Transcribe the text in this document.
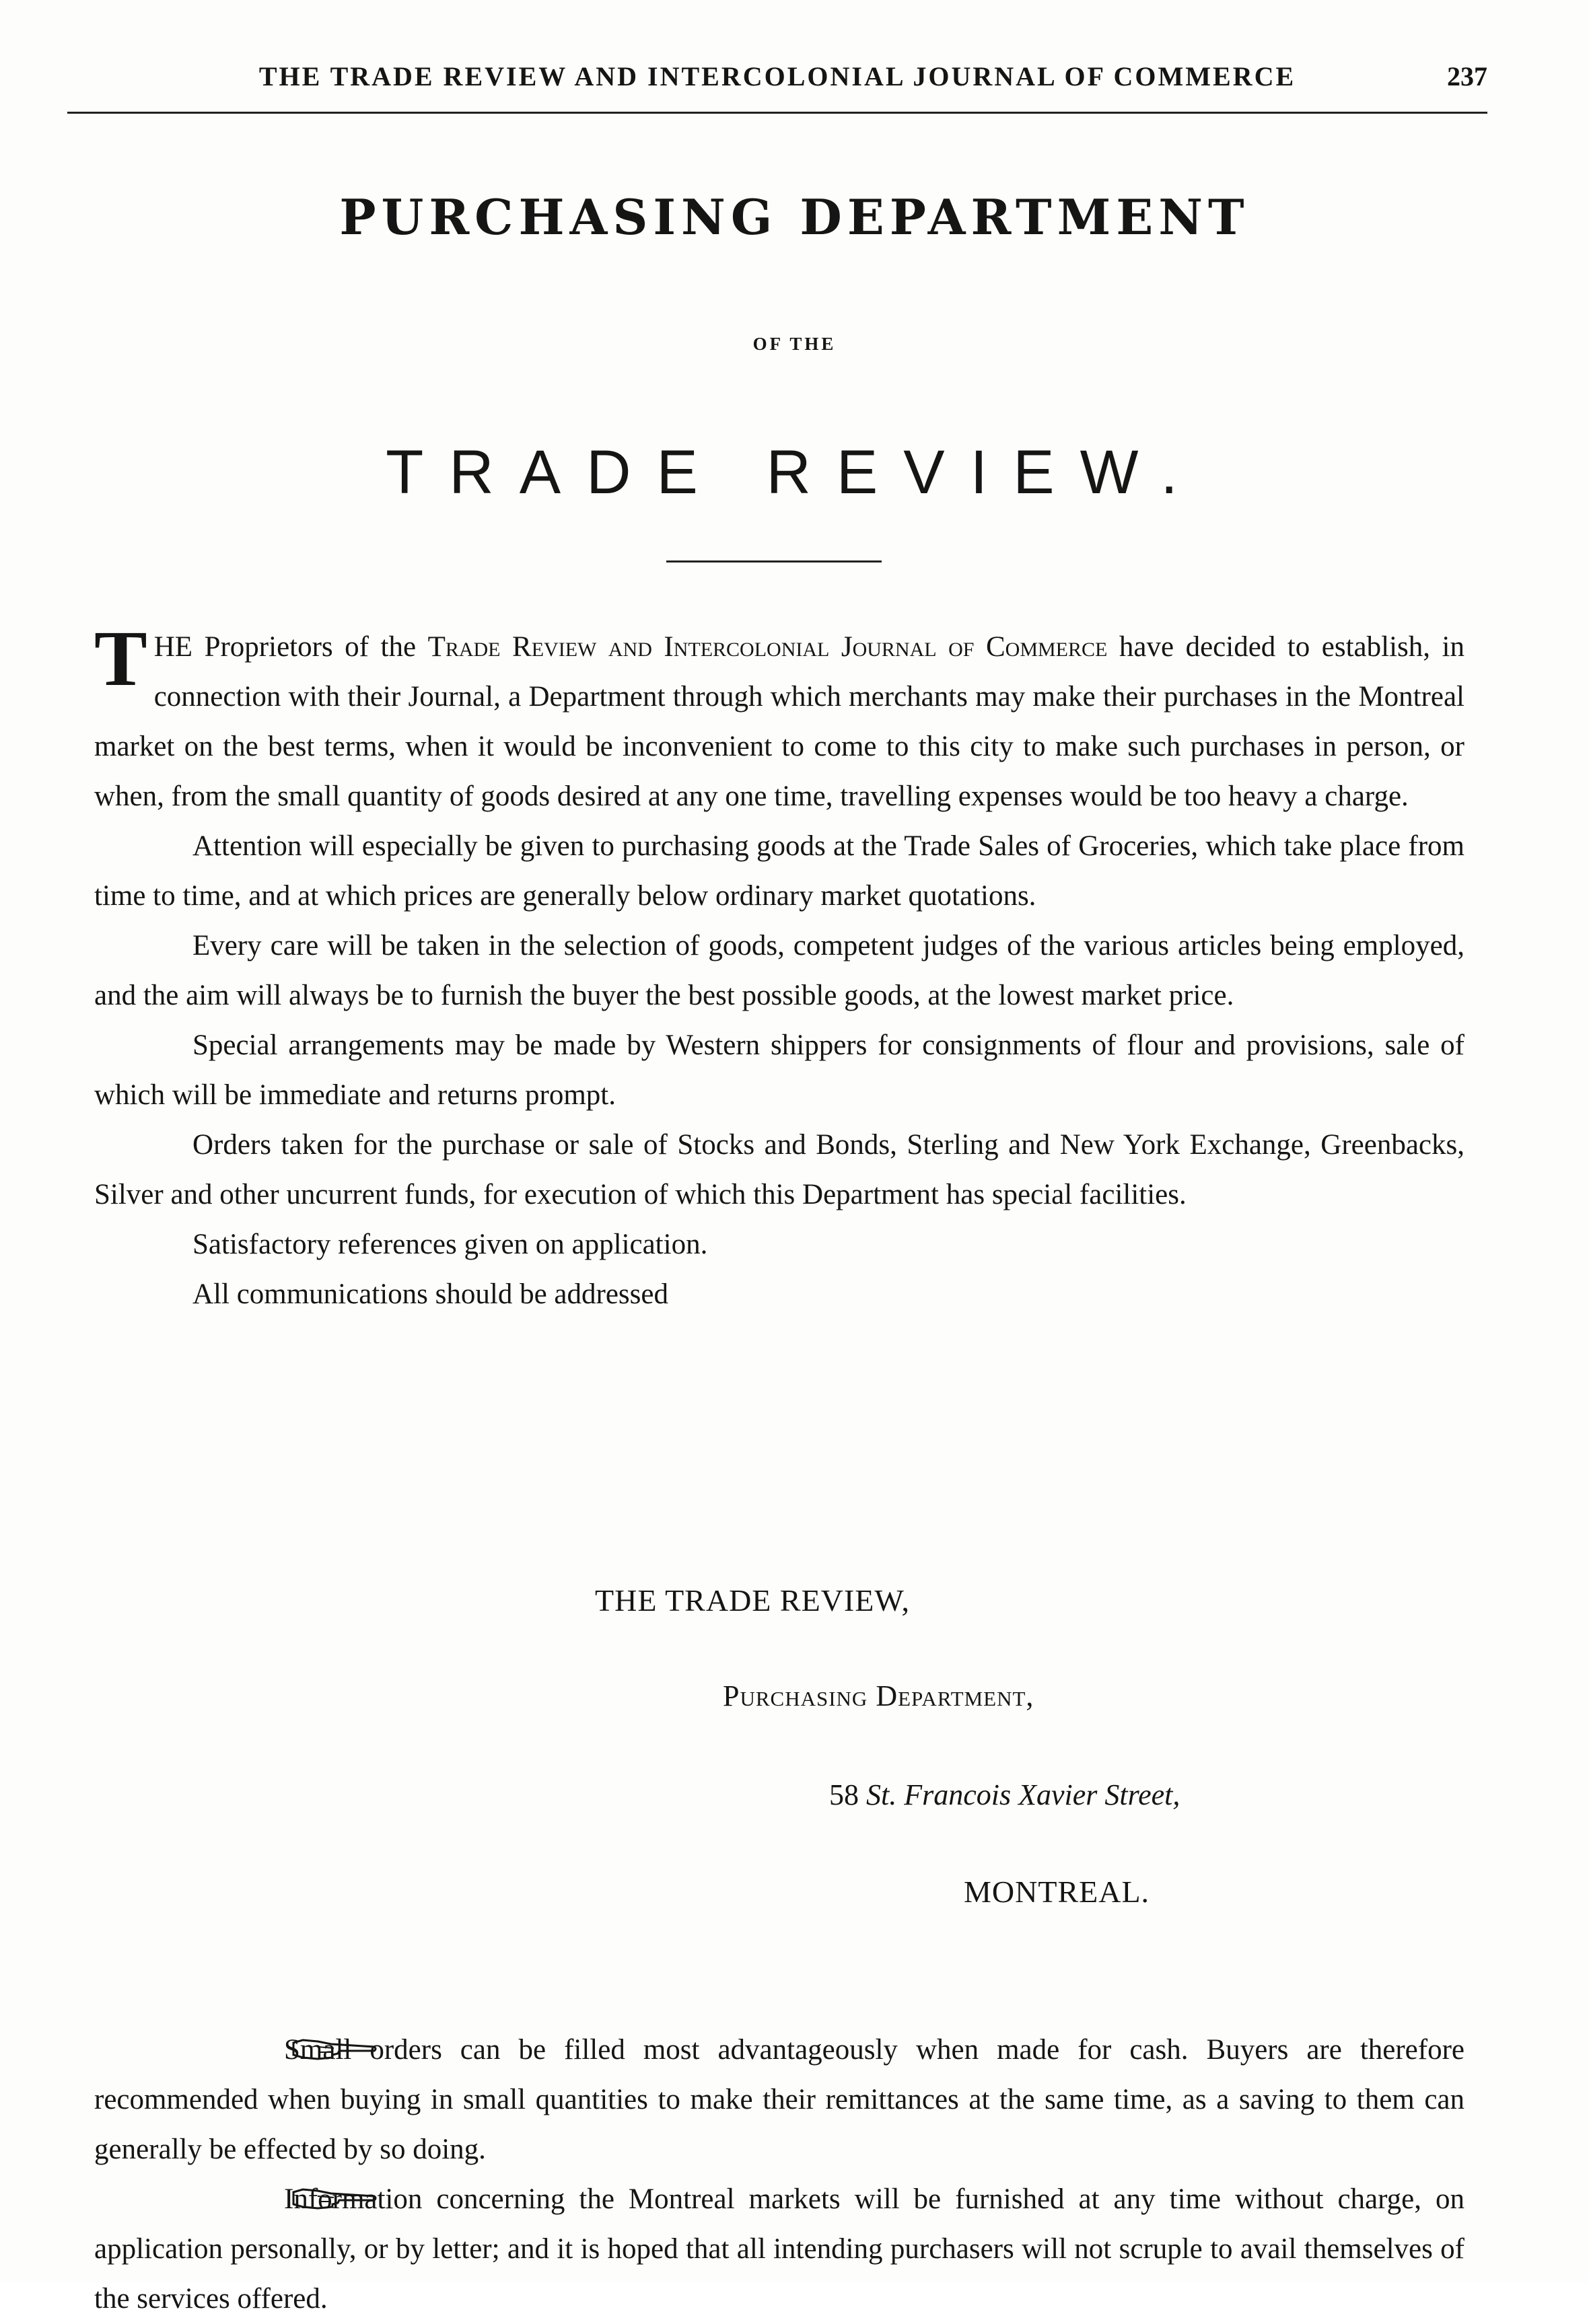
THE TRADE REVIEW AND INTERCOLONIAL JOURNAL OF COMMERCE	237
PURCHASING DEPARTMENT
OF THE
TRADE REVIEW.

THE Proprietors of the Trade Review and Intercolonial Journal of Commerce have decided to establish, in connection with their Journal, a Department through which merchants may make their purchases in the Montreal market on the best terms, when it would be inconvenient to come to this city to make such purchases in person, or when, from the small quantity of goods desired at any one time, travelling expenses would be too heavy a charge.

Attention will especially be given to purchasing goods at the Trade Sales of Groceries, which take place from time to time, and at which prices are generally below ordinary market quotations.

Every care will be taken in the selection of goods, competent judges of the various articles being employed, and the aim will always be to furnish the buyer the best possible goods, at the lowest market price.

Special arrangements may be made by Western shippers for consignments of flour and provisions, sale of which will be immediate and returns prompt.

Orders taken for the purchase or sale of Stocks and Bonds, Sterling and New York Exchange, Greenbacks, Silver and other uncurrent funds, for execution of which this Department has special facilities.

Satisfactory references given on application.

All communications should be addressed

THE TRADE REVIEW,
Purchasing Department,
58 St. Francois Xavier Street,
MONTREAL.

Small orders can be filled most advantageously when made for cash. Buyers are therefore recommended when buying in small quantities to make their remittances at the same time, as a saving to them can generally be effected by so doing.

Information concerning the Montreal markets will be furnished at any time without charge, on application personally, or by letter; and it is hoped that all intending purchasers will not scruple to avail themselves of the services offered.
